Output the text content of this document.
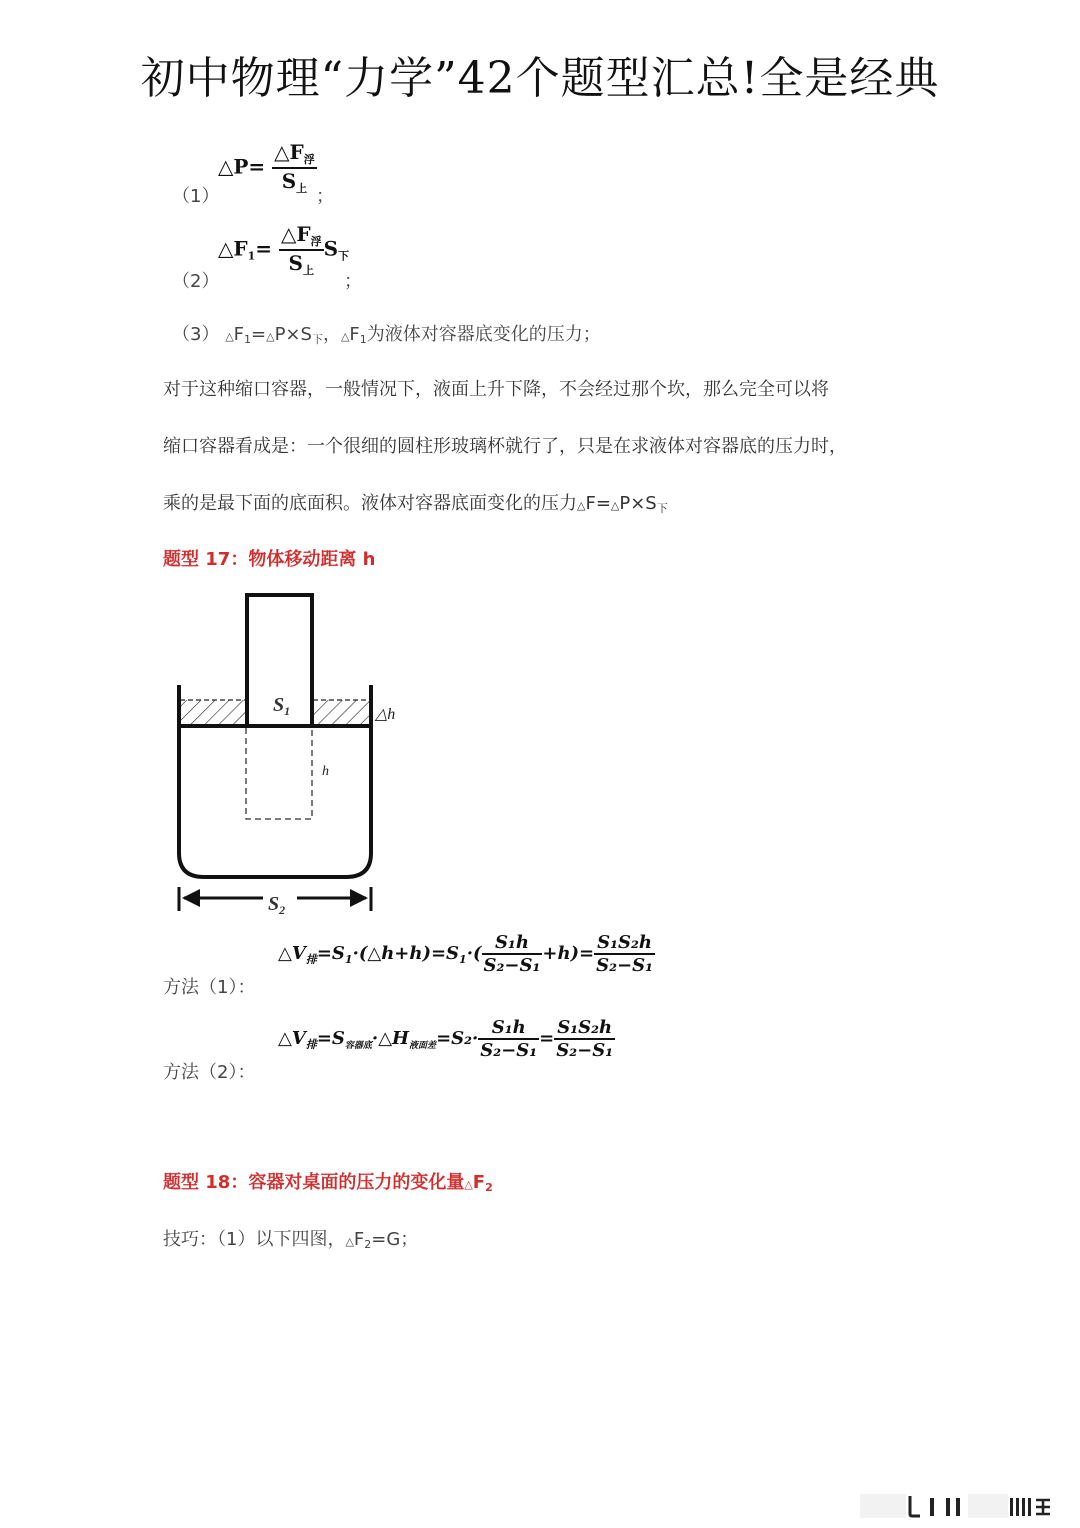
初中物理“力学”42个题型汇总!全是经典
（1）
△P= $\frac{\triangle F_浮}{S_上}$
；
（2）
$\triangle F_1= \frac{\triangle F_浮}{S_上} S_下$
；
（3） $\triangle F_1=\triangle P\times S_下$，$\triangle F_1$为液体对容器底变化的压力；
对于这种缩口容器，一般情况下，液面上升下降，不会经过那个坎，那么完全可以将
缩口容器看成是：一个很细的圆柱形玻璃杯就行了，只是在求液体对容器底的压力时，
乘的是最下面的底面积。液体对容器底面变化的压力$\triangle F=\triangle P\times S_下$
题型 17：物体移动距离 h
$S_1$	△h
h
$S_2$
方法（1）：
$\triangle V_排=S_1\cdot(\triangle h+h)=S_1\cdot( \frac{\text{S₁h}}{\text{S₂−S₁}} +h)= \frac{\text{S₁S₂h}}{\text{S₂−S₁}}$
方法（2）：
$\triangle V_排=S_{容器底}\cdot\triangle H_{液面差}=S_2\cdot \frac{\text{S₁h}}{\text{S₂−S₁}} = \frac{\text{S₁S₂h}}{\text{S₂−S₁}}$
题型 18：容器对桌面的压力的变化量$\triangle F_2$
技巧：（1）以下四图，$\triangle F_2=G$；
